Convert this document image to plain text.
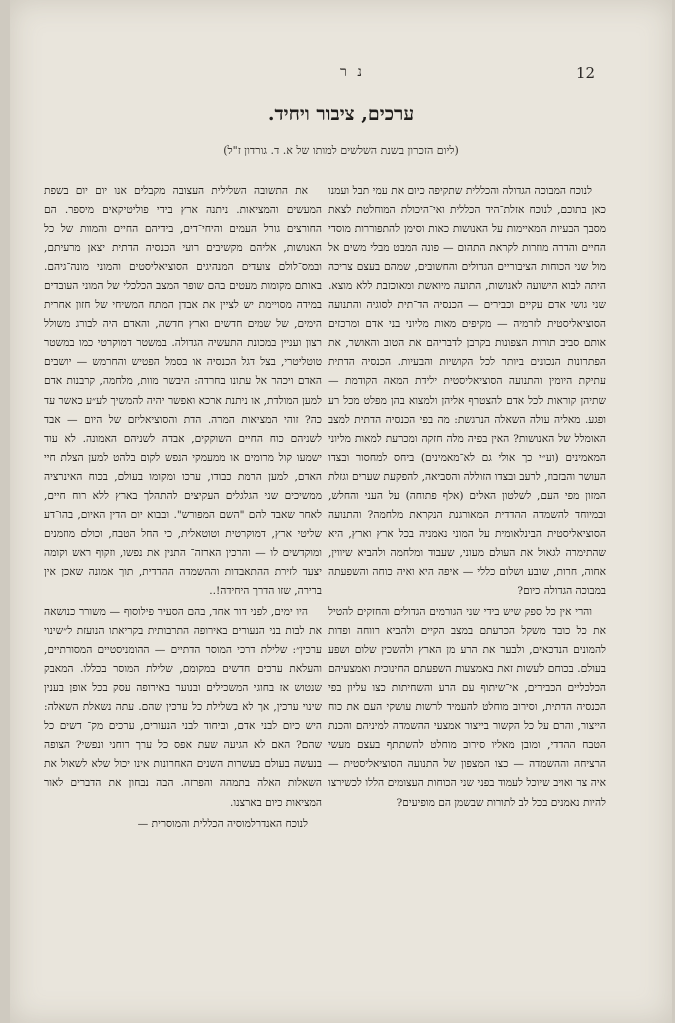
12
נ ר
ערכים, ציבור ויחיד.
(ליום הזכרון בשנת השלשים למותו של א. ד. גורדון ז"ל)

לנוכח המבוכה הגדולה והכללית שתקיפה כיום את עמי תבל ועמנו כאן בתוכם, לנוכח אזלת־היד הכללית ואי־היכולת המוחלטת לצאת מסבך הבעיות המאיימות על האנושות כאות וסימן להתפוררות מוסדי החיים והדרה מוזרות לקראת התהום — פונה המבט מבלי משים אל מול שני הכוחות הציבוריים הגדולים והחשובים, שמהם בעצם צריכה היתה לבוא הישועה לאנושות, התועה מיואשת ומאוכזבת ללא מוצא. שני גושי אדם עקיים וכבירים — הכנסיה הד־תית לסוגיה והתנועה הסוציאליסטית לזרמיה — מקיפים מאות מליוני בני אדם ומרכזים אותם סביב תורות הצפונות בקרבן לדבריהם את הטוב והאושר, את הפתרונות הנכונים ביותר לכל הקושיות והבעיות. הכנסיה הדתית עתיקת היומין והתנועה הסוציאליסטית ילידת המאה הקודמת — שתיהן קוראות לכל אדם להצטרף אליהן ולמצוא בהן מפלט מכל רע ופגע. מאליה עולה השאלה הנרגשת: מה בפי הכנסיה הדתית למצב האומלל של האנושות? האין בפיה מלה חזקה ומכרעת למאות מליוני המאמינים (וע״י כך אולי גם לא־מאמינים) ביחס למחסור ובצדו העושר והבזבוז, לרעב ובצדו הזוללה והסביאה, להפקעת שערים וגזלת המזון מפי העם, לשלטון האלים (אלף פתוחה) על העני והחלש, ובמיוחד להשמדה ההדדית המאורגנת הנקראת מלחמה? והתנועה הסוציאליסטית הבינלאומית על המוני נאמניה בכל ארץ וארץ, היא שהתימרה לגאול את העולם מעוני, שעבוד ומלחמה ולהביא שיווין, אחוה, חרות, שובע ושלום כללי — איפה היא ואיה כוחה והשפעתה במבוכה הגדולה כיום?

והרי אין כל ספק שיש בידי שני הגורמים הגדולים והחזקים להטיל את כל כובד משקל הכרעתם במצב הקיים ולהביא רווחה ופדות להמונים הנדכאים, ולבער את הרע מן הארץ ולהשכין שלום ושפע בעולם. בכוחם לעשות זאת באמצעות השפעתם החינוכית ואמצעיהם הכלכליים הכבירים, אי־שיתוף עם הרע והשחיתות כצו עליון בפי הכנסיה הדתית, וסירוב מוחלט להעמיד לרשות עושקי העם את כוח הייצור, והרם על כל הקשור בייצור אמצעי ההשמדה למיניהם והכנת הטבח ההדדי, ומובן מאליו סירוב מוחלט להשתתף בעצם מעשי הרציחה וההשמדה — כצו המצפון של התנועה הסוציאליסטית — איה צר ואויב שיוכל לעמוד בפני שני הכוחות העצומים הללו לכשירצו להיות נאמנים בכל לב לתורות שבשמן הם מופיעים?

את התשובה השלילית העצובה מקבלים אנו יום יום בשפת המעשים והמציאות. ניתנה ארץ בידי פוליטיקאים מיספר. הם החורצים גורל העמים והיחי־דים, בידיהם החיים והמוות של כל האנושות, אליהם מקשיבים רועי הכנסיה הדתית יצאן מרעיתם, ובמס־לולם צועדים המנהיגים הסוציאליסטים והמוני מונה־גיהם. באותם מקומות מעטים בהם שופר המצב הכלכלי של המוני העובדים במידה מסויימת יש לציין את אבדן המתח המשיחי של חזון אחרית הימים, של שמים חדשים וארץ חדשה, והאדם היה לבורג משולל רצון ועניין במכונת התעשיה הגדולה. במשטר דמוקרטי כמו במשטר טוטליטרי, בצל דגל הכנסיה או בסמל הפטיש והחרמש — יושבים האדם ויכהר אל עתונו בחרדה: היבשר מוות, מלחמה, קרבנות אדם למען המולדת, או ניתנת ארכא ואפשר יהיה להמשיך לע״ע כאשר עד כה? זוהי המציאות המרה. הדת והסוציאליזם של היום — אבד לשניהם כוח החיים השוקקים, אבדה לשניהם האמונה. לא עוד ישמעו קול מרומים או ממעמקי הנפש לקום בלהט למען הצלת חיי האדם, למען הרמת כבודו, ערכו ומקומו בעולם, בכוח האינרציה ממשיכים שני הגלגלים העקיצים להתהלך בארץ ללא רוח חיים, לאחר שאבד להם "השם המפורש". ובבוא יום הדין האיום, בהו־דע שליטי ארץ, דמוקרטית וטוטאלית, כי החל הטבח, וכולם מוזמנים ומוקדשים לו — והרכין הארזה־ התנין את נפשו, וזקוף ראש וקומה יצעד לזירת ההתאבדות וההשמדה ההדדית, תוך אמונה שאכן אין ברירה, שזו הדרך היחידה!..

היו ימים, לפני דור אחד, בהם הסעיר פילוסוף — משורר כנושאה את לבות בני הנעורים באירופה התרבותית בקריאתו הנועזת ל״שינוי ערכין״: שלילת דרכי המוסר הדתיים — ההומניסטיים המסורתיים, והעלאת ערכים חדשים במקומם, שלילת המוסר בכללו. המאבק שנטוש אז בחוגי המשכילים ובנוער באירופה עסק בכל אופן בענין שינוי ערכין, אך לא בשלילת כל ערכין שהם. עתה נשאלת השאלה: היש כיום לבני אדם, וביחוד לבני הנעורים, ערכים מק־ דשים כל שהם? האם לא הגיעה שעת אפס כל ערך רוחני ונפשי? הצופה בנעשה בעולם בעשרות השנים האחרונות אינו יכול שלא לשאול את השאלות האלה בתמהה והפרזה. הבה נבחון את הדברים לאור המציאות כיום בארצנו.

לנוכח האנדרלמוסיה הכללית והמוסרית —
